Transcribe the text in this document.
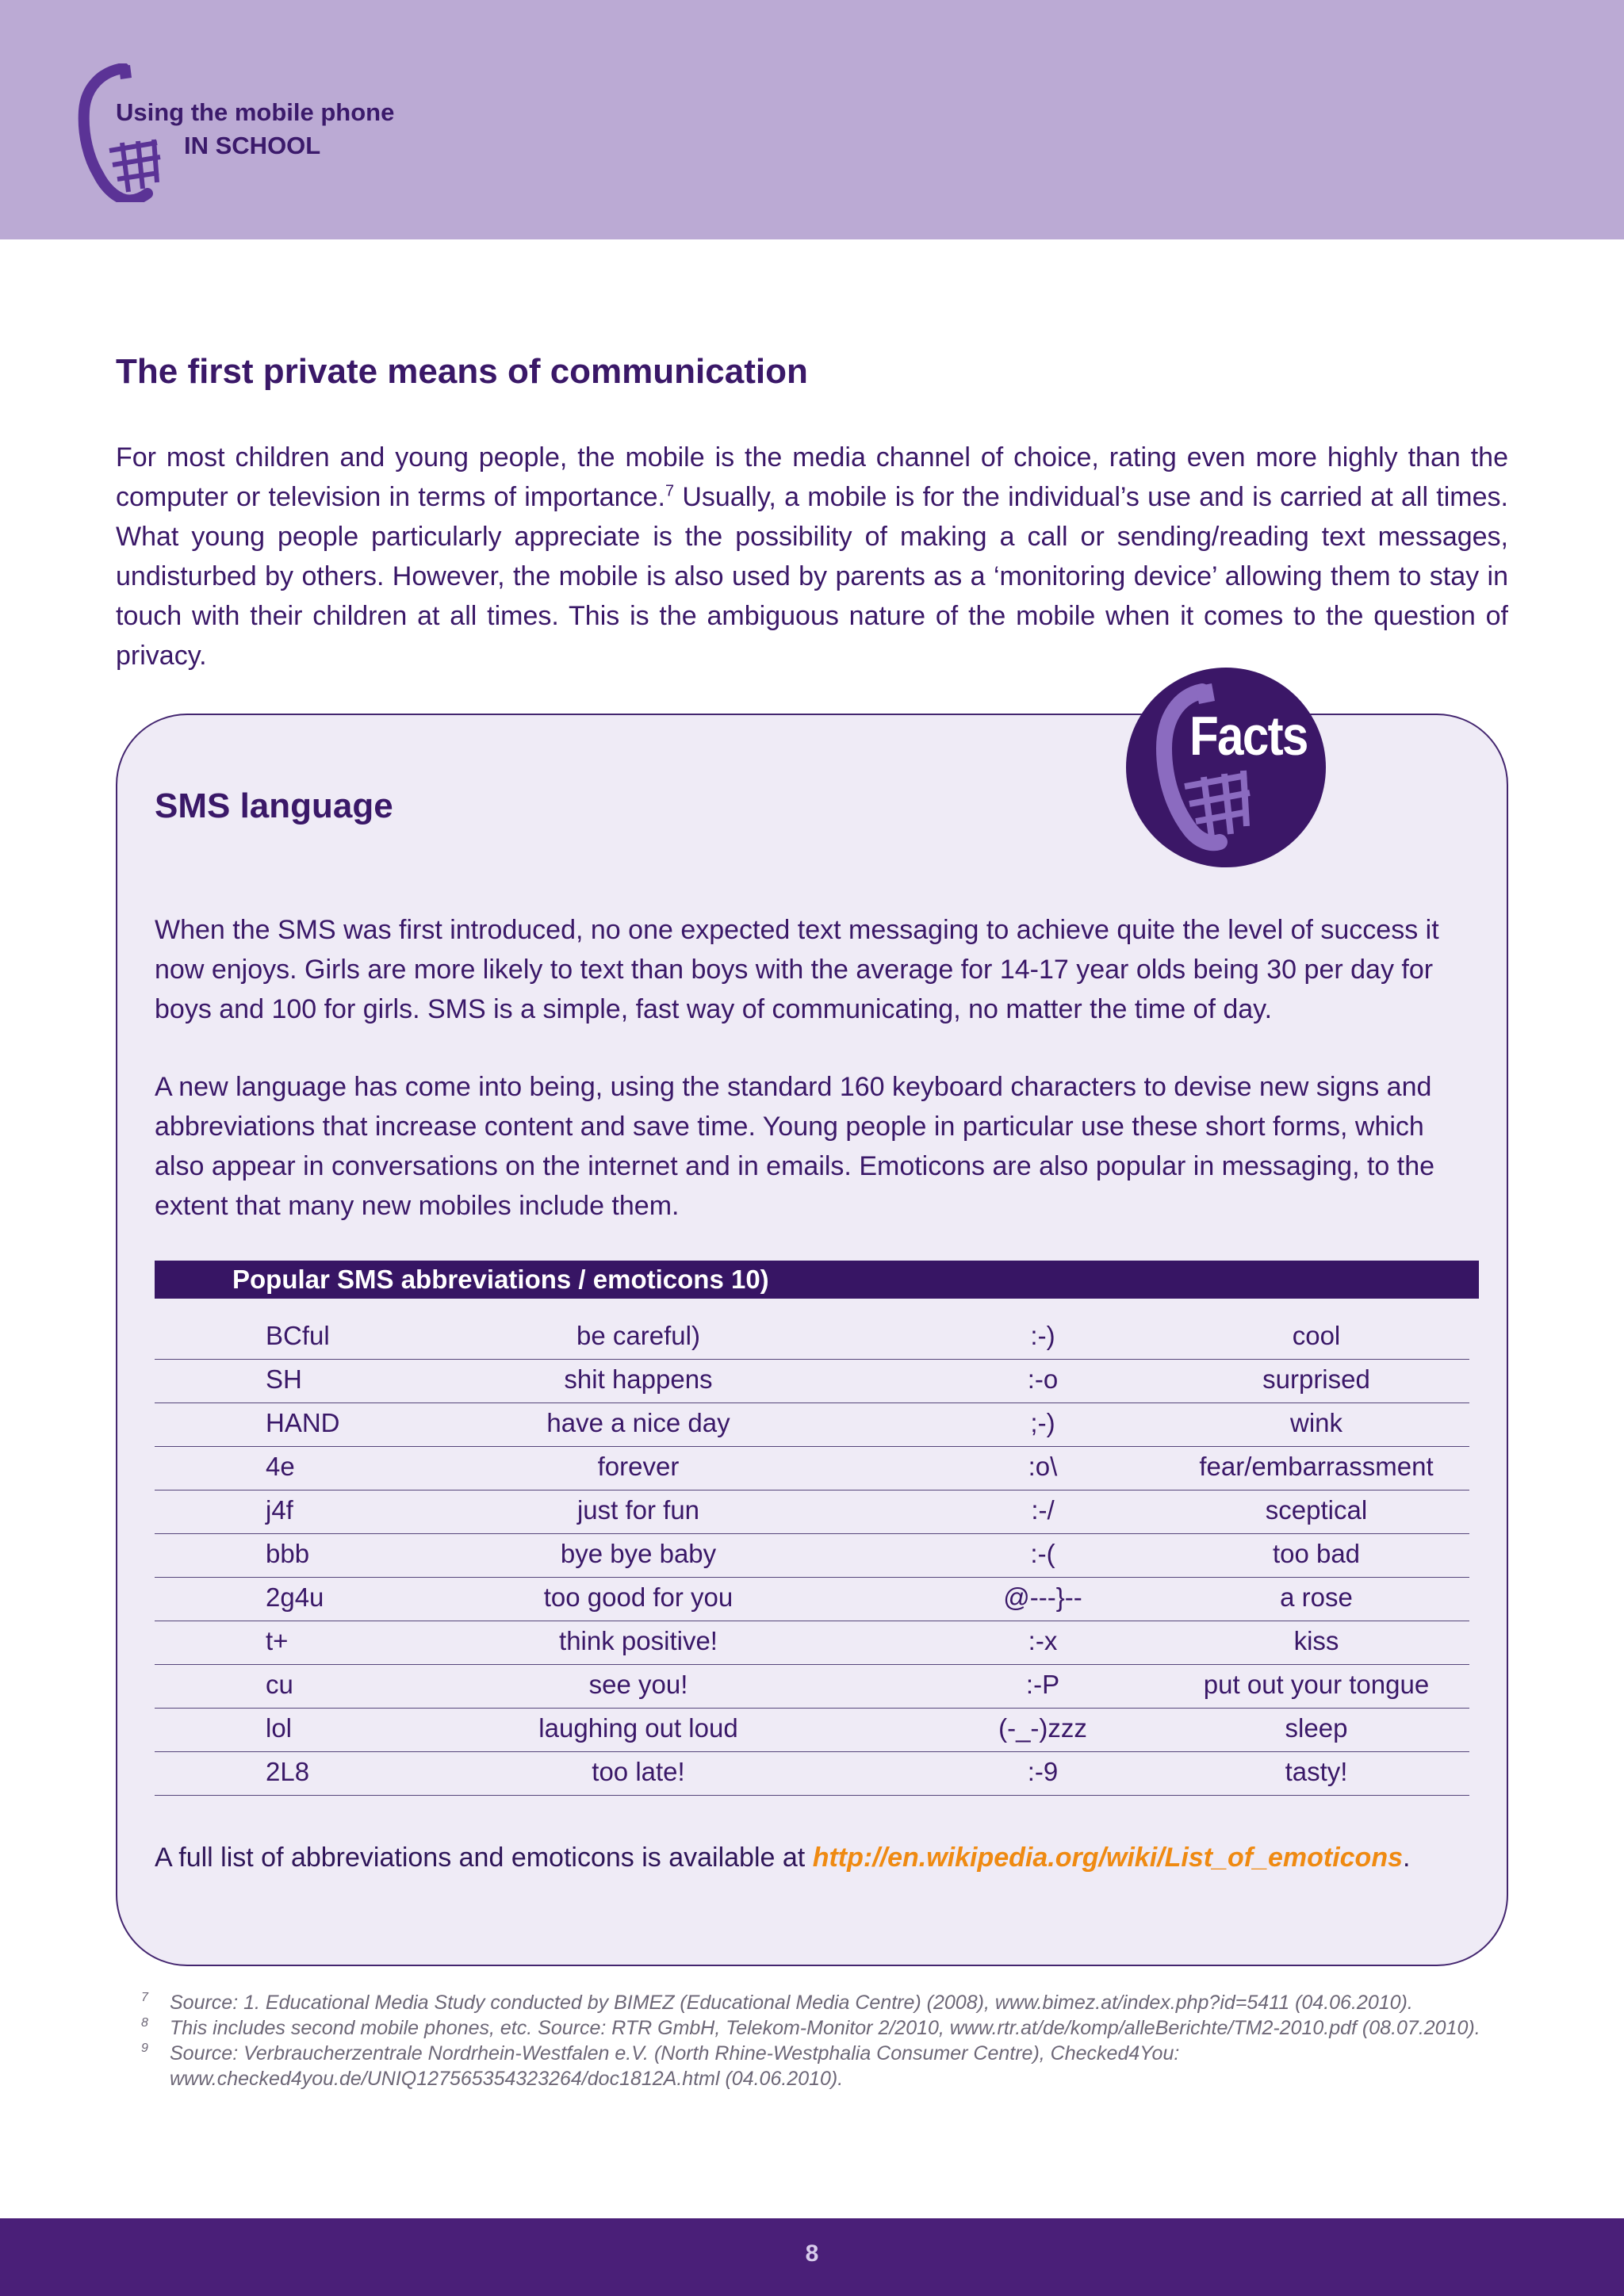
Using the mobile phone
IN SCHOOL
The first private means of communication

For most children and young people, the mobile is the media channel of choice, rating even more highly than the computer or television in terms of importance.$^7$ Usually, a mobile is for the individual’s use and is carried at all times. What young people particularly appreciate is the possibility of making a call or sending/reading text messages, undisturbed by others. However, the mobile is also used by parents as a ‘monitoring device’ allowing them to stay in touch with their children at all times. This is the ambiguous nature of the mobile when it comes to the question of privacy.

Facts
SMS language

When the SMS was first introduced, no one expected text messaging to achieve quite the level of success it now enjoys. Girls are more likely to text than boys with the average for 14-17 year olds being 30 per day for boys and 100 for girls. SMS is a simple, fast way of communicating, no matter the time of day.

A new language has come into being, using the standard 160 keyboard characters to devise new signs and abbreviations that increase content and save time. Young people in particular use these short forms, which also appear in conversations on the internet and in emails. Emoticons are also popular in messaging, to the extent that many new mobiles include them.

Popular SMS abbreviations / emoticons 10)
BCful	be careful)	:-)	cool
SH	shit happens	:-o	surprised
HAND	have a nice day	;-)	wink
4e	forever	:o\	fear/embarrassment
j4f	just for fun	:-/	sceptical
bbb	bye bye baby	:-(	too bad
2g4u	too good for you	@---}--	a rose
t+	think positive!	:-x	kiss
cu	see you!	:-P	put out your tongue
lol	laughing out loud	(-_-)zzz	sleep
2L8	too late!	:-9	tasty!
A full list of abbreviations and emoticons is available at http://en.wikipedia.org/wiki/List_of_emoticons.
7 Source: 1. Educational Media Study conducted by BIMEZ (Educational Media Centre) (2008), www.bimez.at/index.php?id=5411 (04.06.2010).
8 This includes second mobile phones, etc. Source: RTR GmbH, Telekom-Monitor 2/2010, www.rtr.at/de/komp/alleBerichte/TM2-2010.pdf (08.07.2010).
9 Source: Verbraucherzentrale Nordrhein-Westfalen e.V. (North Rhine-Westphalia Consumer Centre), Checked4You: www.checked4you.de/UNIQ127565354323264/doc1812A.html (04.06.2010).
8
